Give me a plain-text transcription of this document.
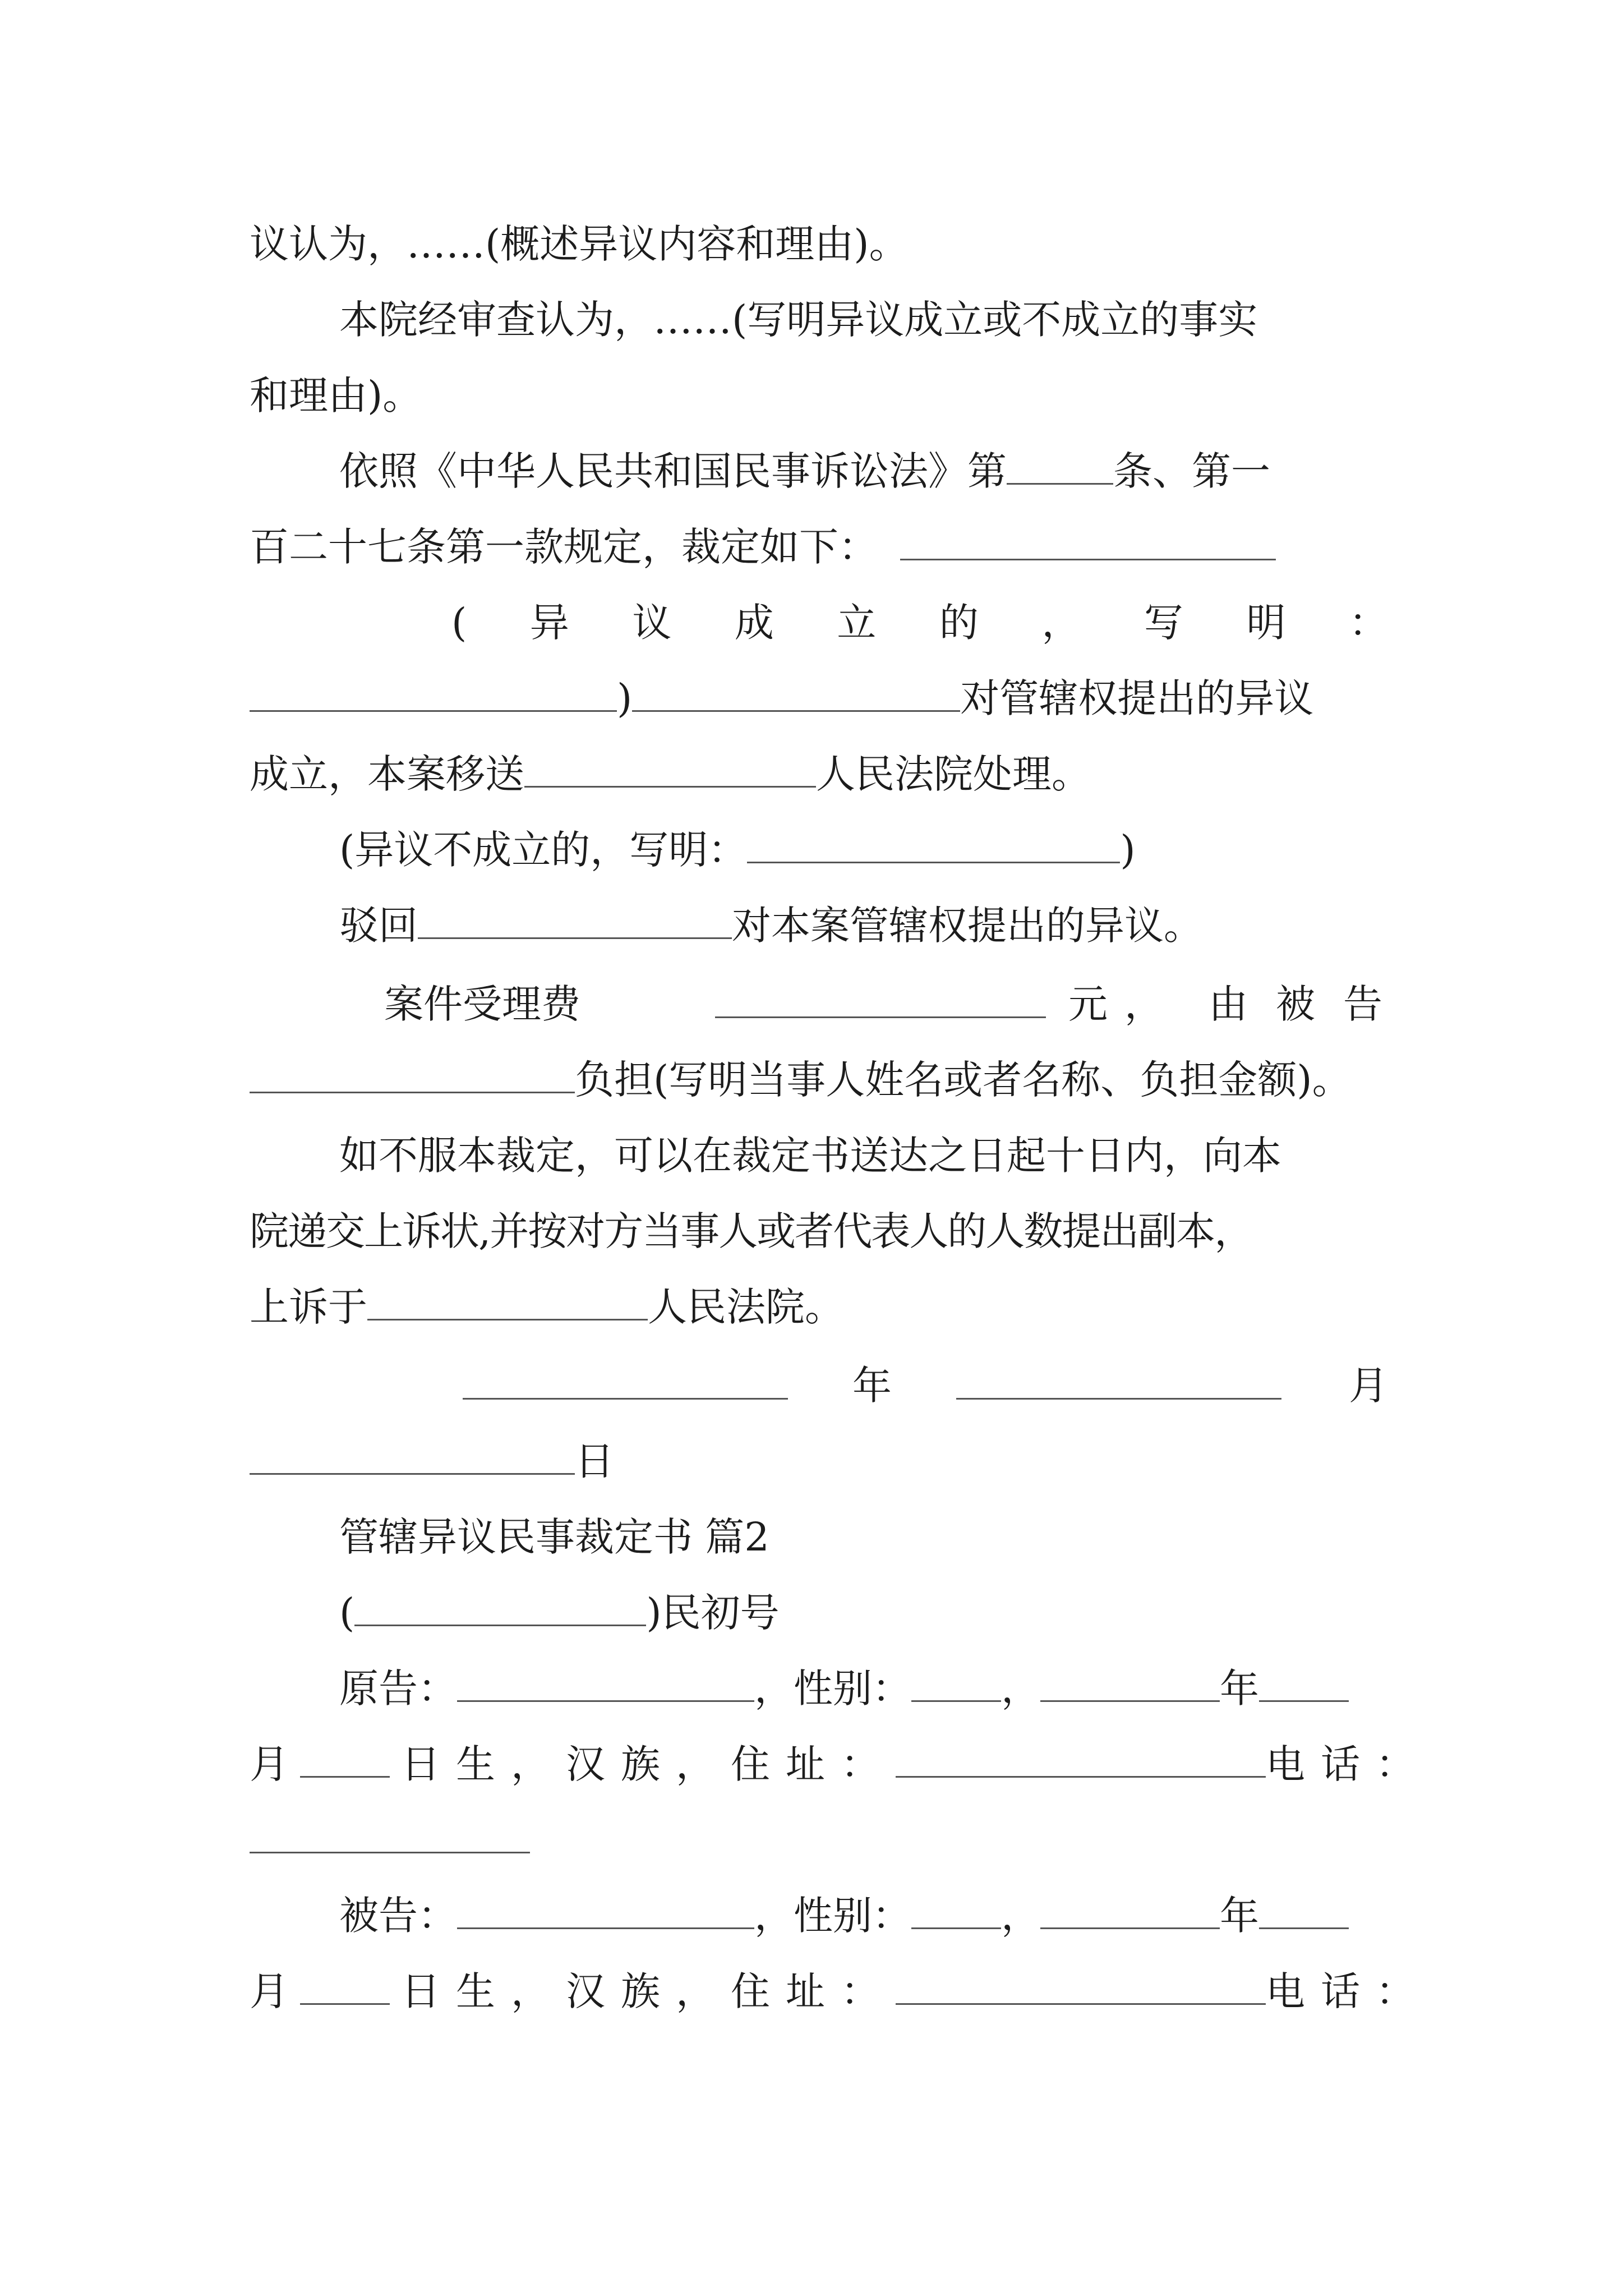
议认为，……(概述异议内容和理由)。
本院经审查认为，……(写明异议成立或不成立的事实
和理由)。
依照《中华人民共和国民事诉讼法》第	条、第一
百二十七条第一款规定，裁定如下：
( 异 议 成 立 的 ， 写 明 ：
)	对管辖权提出的异议
成立，本案移送	人民法院处理。
(异议不成立的，写明：	)
驳回	对本案管辖权提出的异议。
案 件 受 理 费	元， 由被告
负担(写明当事人姓名或者名称、负担金额)。
如不服本裁定，可以在裁定书送达之日起十日内，向本
院递交上诉状,并按对方当事人或者代表人的人数提出副本，
上诉于	人民法院。
年	月
日
管辖异议民事裁定书 篇2
(	)民初号
原告：	，性别： ，	年
月	日生，汉族，住址：	电话：
被告：	，性别： ，	年
月	日生，汉族，住址：	电话：
